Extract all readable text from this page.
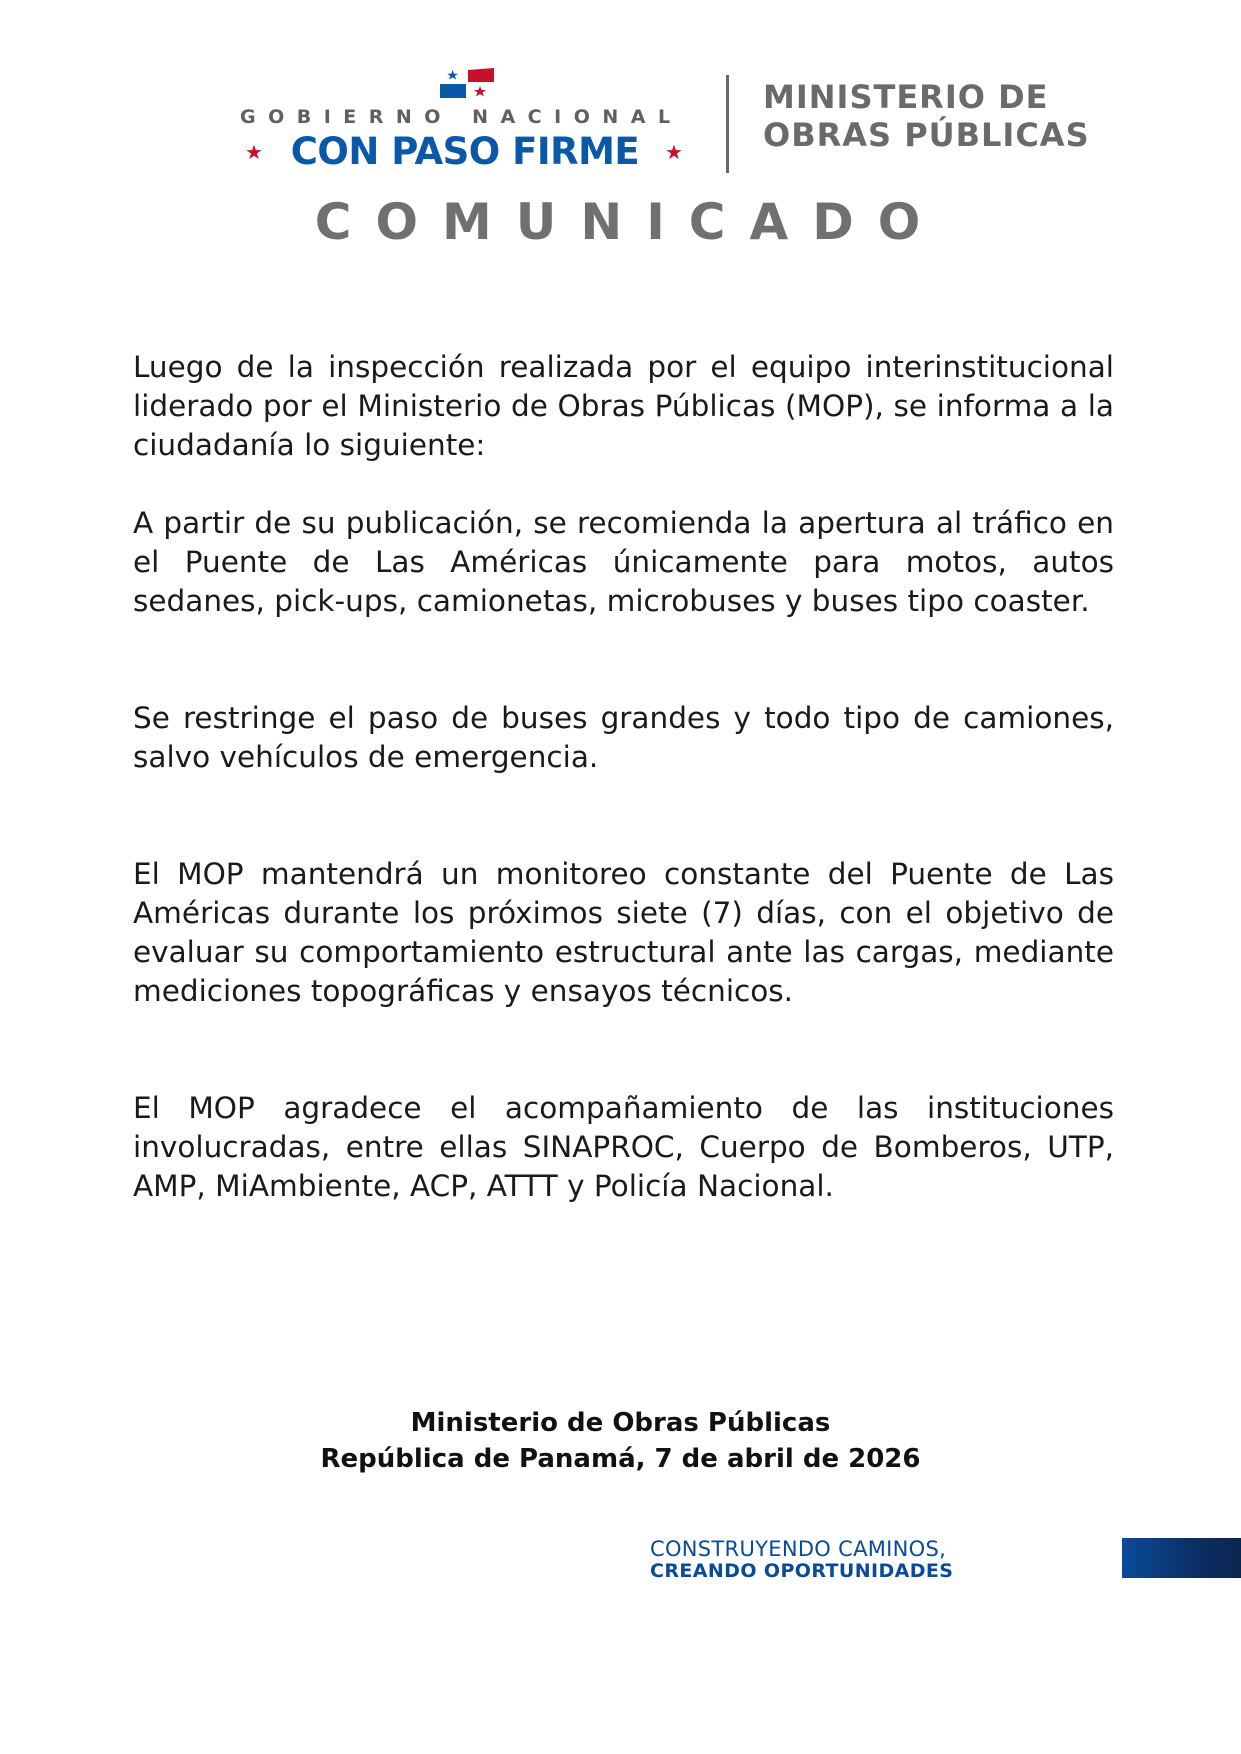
GOBIERNO NACIONAL
★ CON PASO FIRME	★
MINISTERIO DE
OBRAS PÚBLICAS
COMUNICADO

Luego de la inspección realizada por el equipo interinstitucional liderado por el Ministerio de Obras Públicas (MOP), se informa a la ciudadanía lo siguiente:

A partir de su publicación, se recomienda la apertura al tráfico en el Puente de Las Américas únicamente para motos, autos sedanes, pick-ups, camionetas, microbuses y buses tipo coaster.

Se restringe el paso de buses grandes y todo tipo de camiones, salvo vehículos de emergencia.

El MOP mantendrá un monitoreo constante del Puente de Las Américas durante los próximos siete (7) días, con el objetivo de evaluar su comportamiento estructural ante las cargas, mediante mediciones topográficas y ensayos técnicos.

El MOP agradece el acompañamiento de las instituciones involucradas, entre ellas SINAPROC, Cuerpo de Bomberos, UTP, AMP, MiAmbiente, ACP, ATTT y Policía Nacional.

Ministerio de Obras Públicas
República de Panamá, 7 de abril de 2026
CONSTRUYENDO CAMINOS,
CREANDO OPORTUNIDADES
